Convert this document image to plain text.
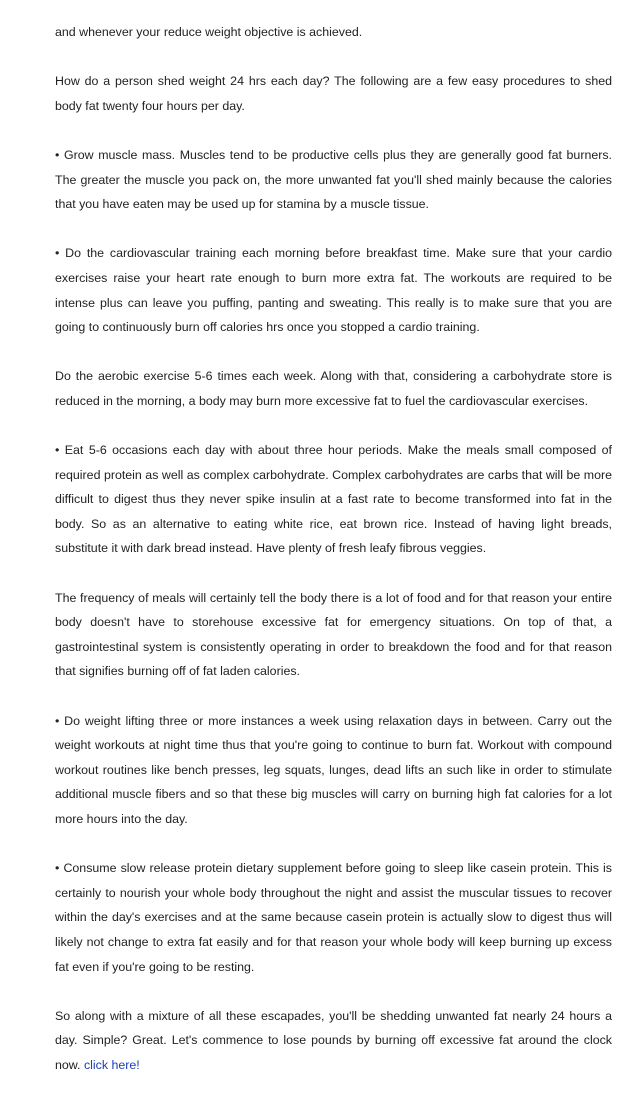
and whenever your reduce weight objective is achieved.

How do a person shed weight 24 hrs each day? The following are a few easy procedures to shed body fat twenty four hours per day.

• Grow muscle mass. Muscles tend to be productive cells plus they are generally good fat burners. The greater the muscle you pack on, the more unwanted fat you'll shed mainly because the calories that you have eaten may be used up for stamina by a muscle tissue.

• Do the cardiovascular training each morning before breakfast time. Make sure that your cardio exercises raise your heart rate enough to burn more extra fat. The workouts are required to be intense plus can leave you puffing, panting and sweating. This really is to make sure that you are going to continuously burn off calories hrs once you stopped a cardio training.

Do the aerobic exercise 5-6 times each week. Along with that, considering a carbohydrate store is reduced in the morning, a body may burn more excessive fat to fuel the cardiovascular exercises.

• Eat 5-6 occasions each day with about three hour periods. Make the meals small composed of required protein as well as complex carbohydrate. Complex carbohydrates are carbs that will be more difficult to digest thus they never spike insulin at a fast rate to become transformed into fat in the body. So as an alternative to eating white rice, eat brown rice. Instead of having light breads, substitute it with dark bread instead. Have plenty of fresh leafy fibrous veggies.

The frequency of meals will certainly tell the body there is a lot of food and for that reason your entire body doesn't have to storehouse excessive fat for emergency situations. On top of that, a gastrointestinal system is consistently operating in order to breakdown the food and for that reason that signifies burning off of fat laden calories.

• Do weight lifting three or more instances a week using relaxation days in between. Carry out the weight workouts at night time thus that you're going to continue to burn fat. Workout with compound workout routines like bench presses, leg squats, lunges, dead lifts an such like in order to stimulate additional muscle fibers and so that these big muscles will carry on burning high fat calories for a lot more hours into the day.

• Consume slow release protein dietary supplement before going to sleep like casein protein. This is certainly to nourish your whole body throughout the night and assist the muscular tissues to recover within the day's exercises and at the same because casein protein is actually slow to digest thus will likely not change to extra fat easily and for that reason your whole body will keep burning up excess fat even if you're going to be resting.

So along with a mixture of all these escapades, you'll be shedding unwanted fat nearly 24 hours a day. Simple? Great. Let's commence to lose pounds by burning off excessive fat around the clock now. click here!
